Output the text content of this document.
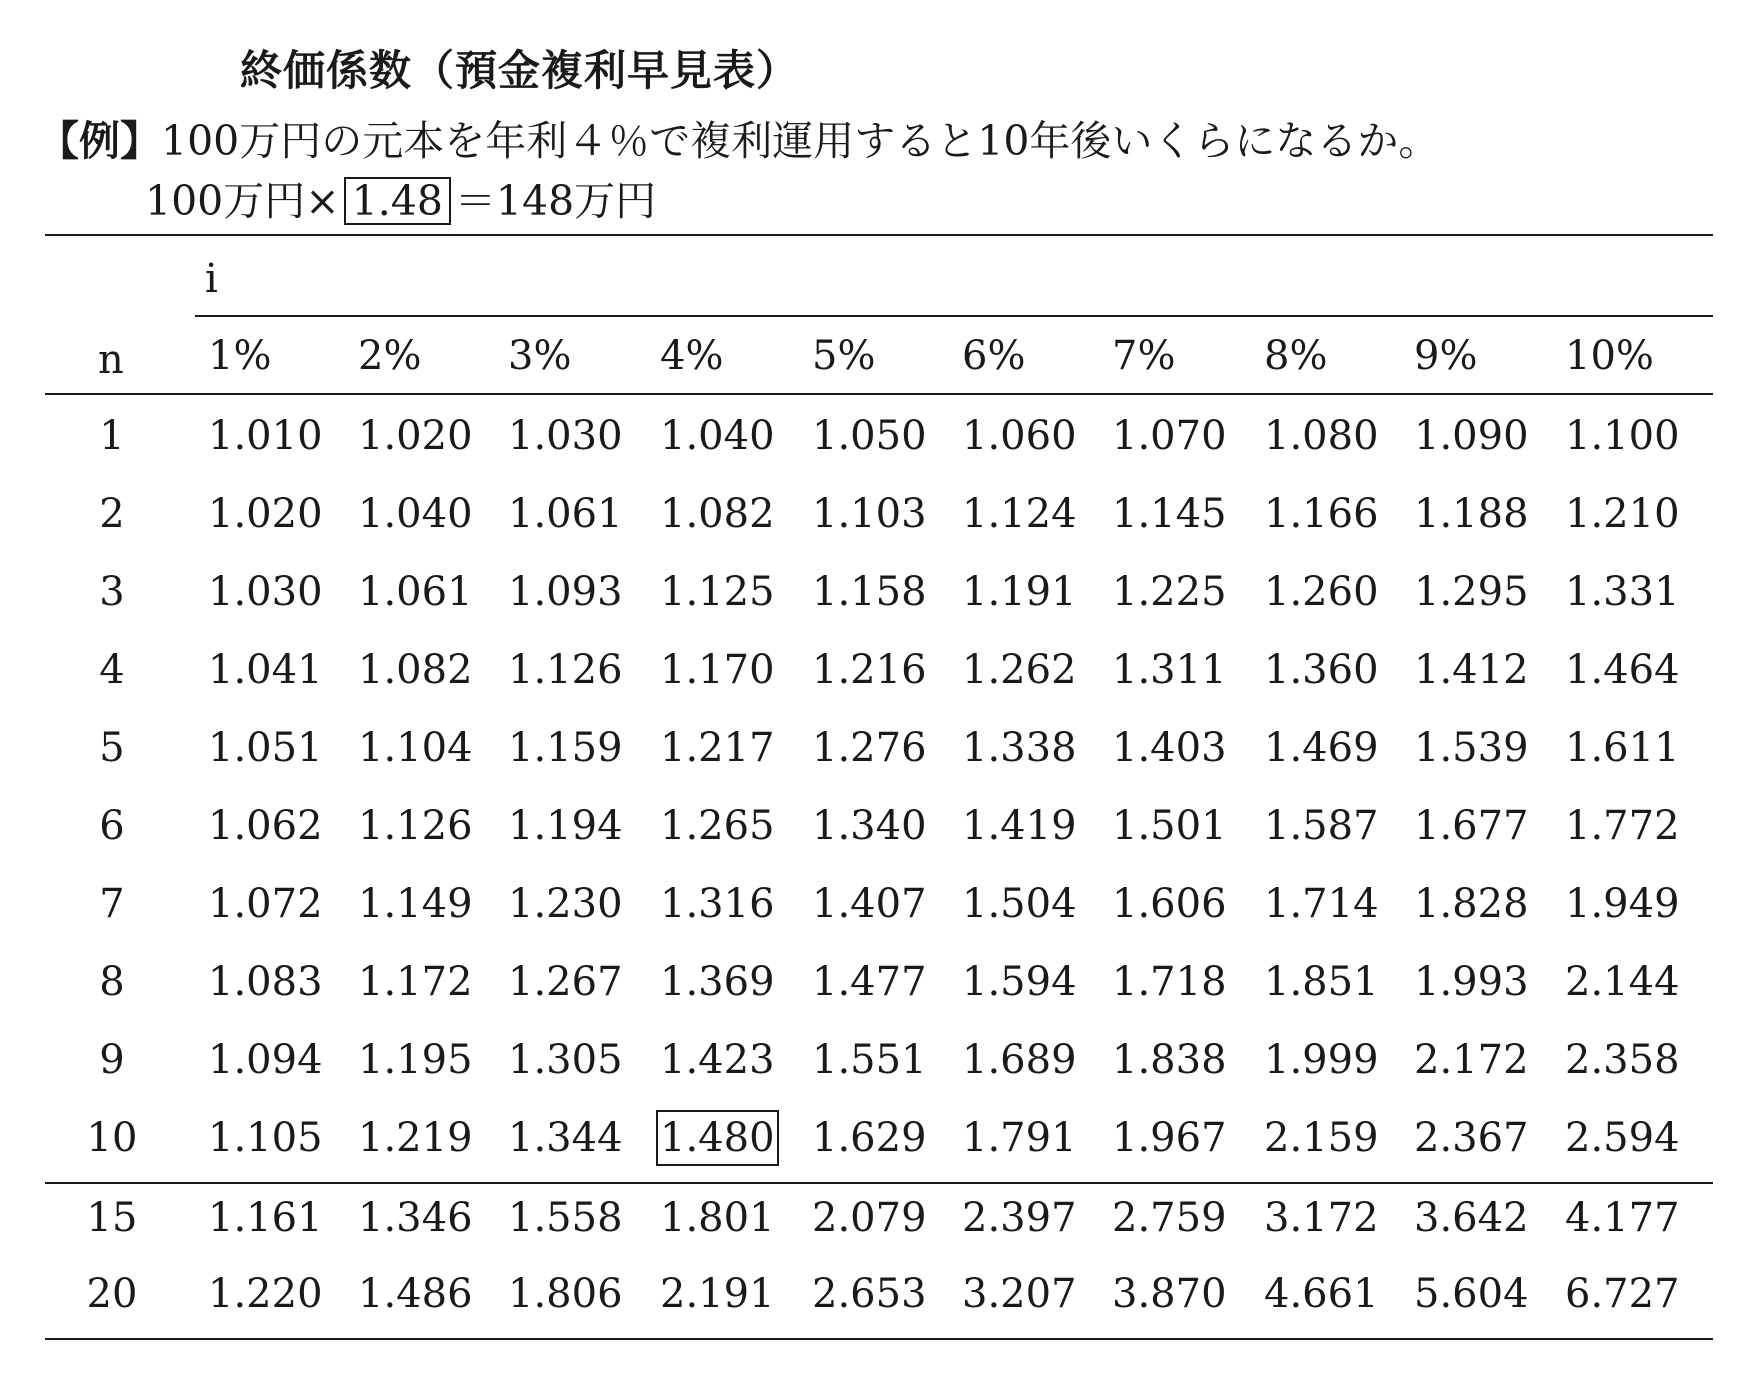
終価係数（預金複利早見表）
【例】100万円の元本を年利４％で複利運用すると10年後いくらになるか。
100万円× 1.48 ＝148万円
i
n 1% 2% 3% 4% 5% 6% 7% 8% 9% 10%
1	1.010 1.020 1.030 1.040 1.050 1.060 1.070 1.080 1.090 1.100
2	1.020 1.040 1.061 1.082 1.103 1.124 1.145 1.166 1.188 1.210
3	1.030 1.061 1.093 1.125 1.158 1.191 1.225 1.260 1.295 1.331
4	1.041 1.082 1.126 1.170 1.216 1.262 1.311 1.360 1.412 1.464
5	1.051 1.104 1.159 1.217 1.276 1.338 1.403 1.469 1.539 1.611
6	1.062 1.126 1.194 1.265 1.340 1.419 1.501 1.587 1.677 1.772
7	1.072 1.149 1.230 1.316 1.407 1.504 1.606 1.714 1.828 1.949
8	1.083 1.172 1.267 1.369 1.477 1.594 1.718 1.851 1.993 2.144
9	1.094 1.195 1.305 1.423 1.551 1.689 1.838 1.999 2.172 2.358
10	1.105 1.219 1.344 1.480 1.629 1.791 1.967 2.159 2.367 2.594
15	1.161 1.346 1.558 1.801 2.079 2.397 2.759 3.172 3.642 4.177
20	1.220 1.486 1.806 2.191 2.653 3.207 3.870 4.661 5.604 6.727
